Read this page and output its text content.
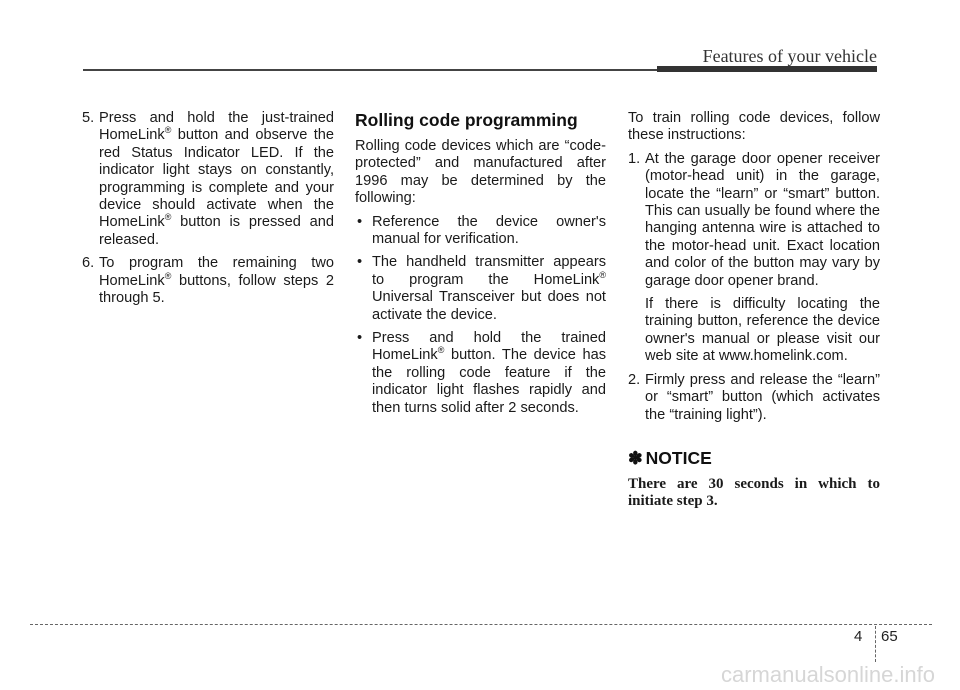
Features of your vehicle
5. Press and hold the just-trained HomeLink® button and observe the red Status Indicator LED. If the indicator light stays on constantly, programming is complete and your device should activate when the HomeLink® button is pressed and released.
6. To program the remaining two HomeLink® buttons, follow steps 2 through 5.
Rolling code programming

Rolling code devices which are “code-protected” and manufactured after 1996 may be determined by the following:

• Reference the device owner's manual for verification.
• The handheld transmitter appears to program the HomeLink® Universal Transceiver but does not activate the device.
• Press and hold the trained HomeLink® button. The device has the rolling code feature if the indicator light flashes rapidly and then turns solid after 2 seconds.

To train rolling code devices, follow these instructions:

1. At the garage door opener receiver (motor-head unit) in the garage, locate the “learn” or “smart” button. This can usually be found where the hanging antenna wire is attached to the motor-head unit. Exact location and color of the button may vary by garage door opener brand.

If there is difficulty locating the training button, reference the device owner's manual or please visit our web site at www.homelink.com.

2. Firmly press and release the “learn” or “smart” button (which activates the “training light”).
✽ NOTICE
There are 30 seconds in which to initiate step 3.
4 65
carmanualsonline.info
